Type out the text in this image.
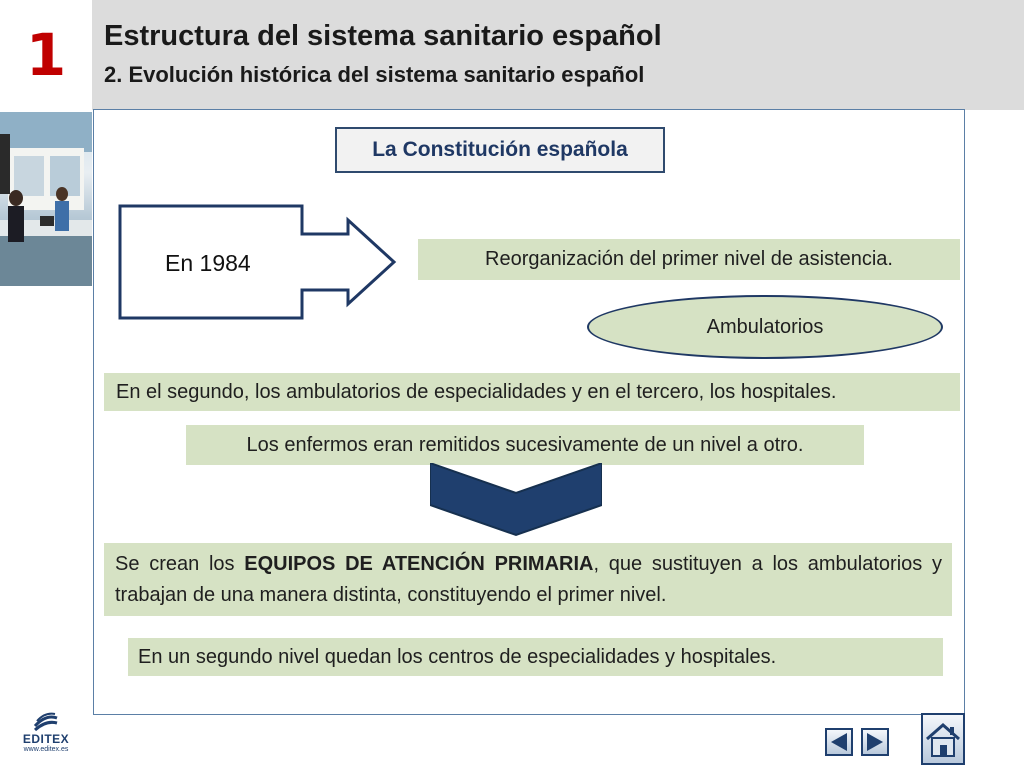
1	Estructura del sistema sanitario español
2. Evolución histórica del sistema sanitario español
La Constitución española
En 1984	Reorganización del primer nivel de asistencia.
Ambulatorios
En el segundo, los ambulatorios de especialidades y en el tercero, los hospitales.
Los enfermos eran remitidos sucesivamente de un nivel a otro.
Se crean los EQUIPOS DE ATENCIÓN PRIMARIA, que sustituyen a los ambulatorios y trabajan de una manera distinta, constituyendo el primer nivel.
En un segundo nivel quedan los centros de especialidades y hospitales.
EDITEX
www.editex.es
